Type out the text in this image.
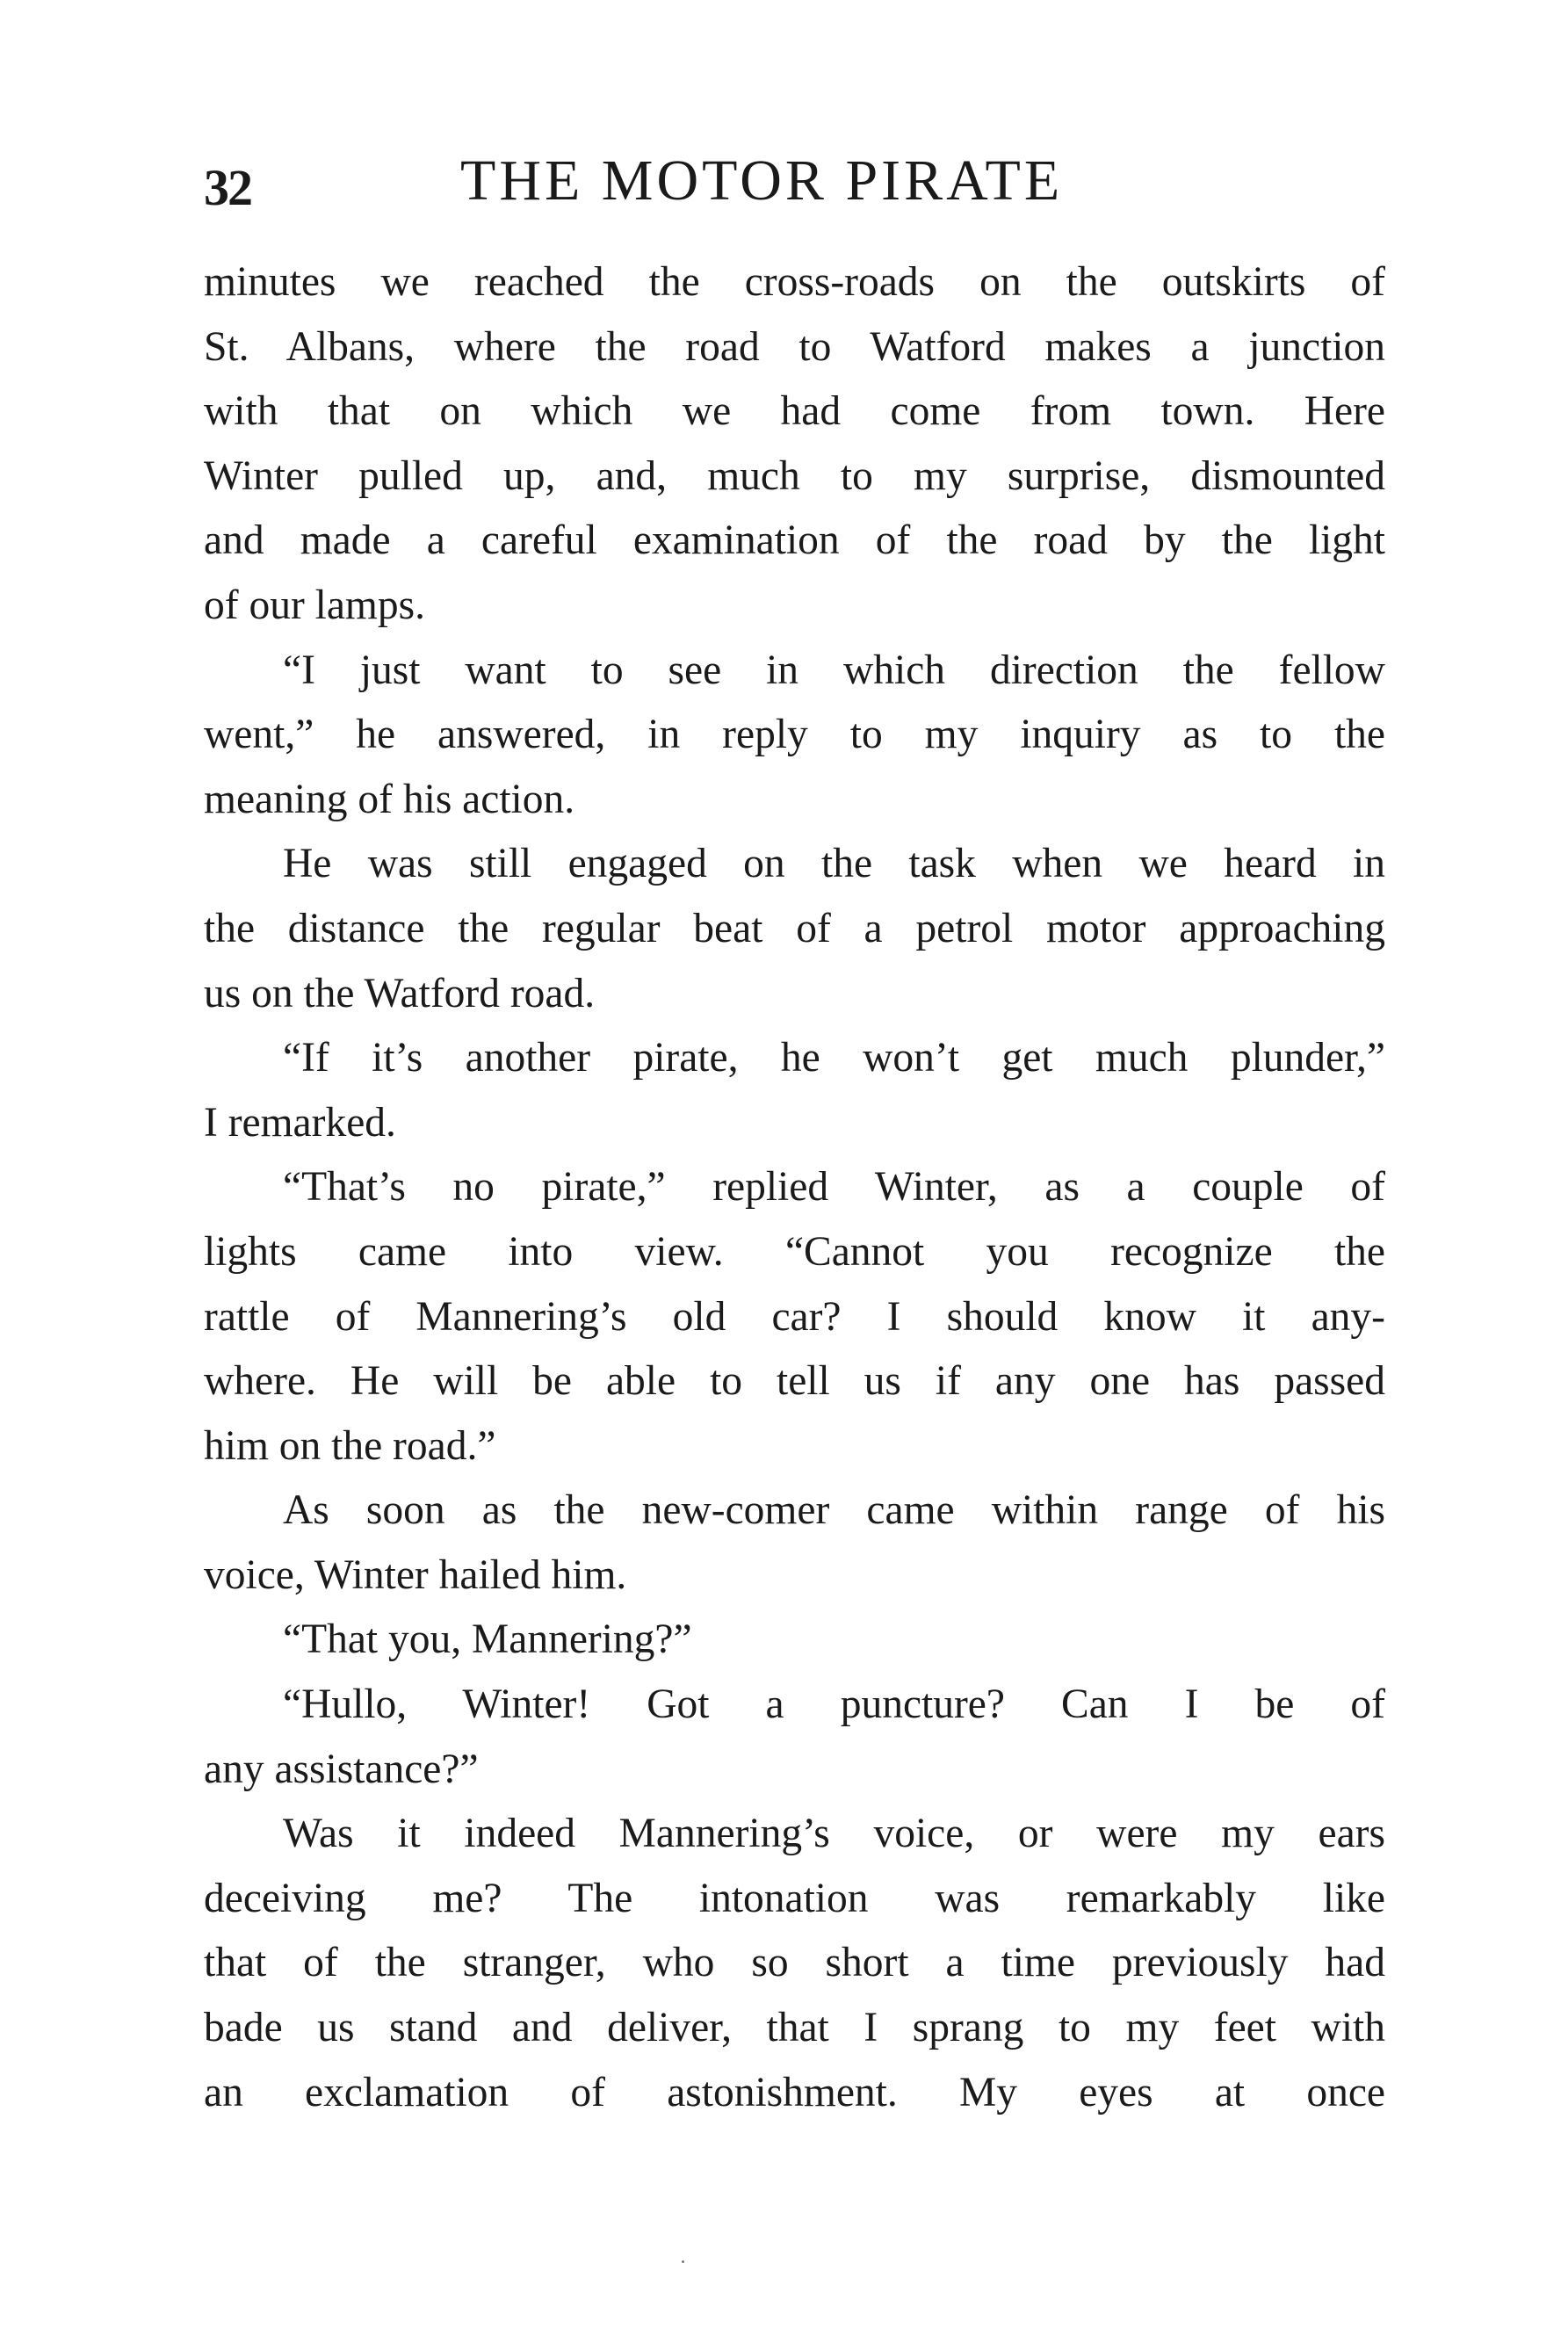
32	THE MOTOR PIRATE
minutes we reached the cross-roads on the outskirts of
St. Albans, where the road to Watford makes a junction
with that on which we had come from town. Here
Winter pulled up, and, much to my surprise, dismounted
and made a careful examination of the road by the light
of our lamps.
“I just want to see in which direction the fellow
went,” he answered, in reply to my inquiry as to the
meaning of his action.
He was still engaged on the task when we heard in
the distance the regular beat of a petrol motor approaching
us on the Watford road.
“If it’s another pirate, he won’t get much plunder,”
I remarked.
“That’s no pirate,” replied Winter, as a couple of
lights came into view. “Cannot you recognize the
rattle of Mannering’s old car? I should know it any-
where. He will be able to tell us if any one has passed
him on the road.”
As soon as the new-comer came within range of his
voice, Winter hailed him.
“That you, Mannering?”
“Hullo, Winter! Got a puncture? Can I be of
any assistance?”
Was it indeed Mannering’s voice, or were my ears
deceiving me? The intonation was remarkably like
that of the stranger, who so short a time previously had
bade us stand and deliver, that I sprang to my feet with
an exclamation of astonishment. My eyes at once
